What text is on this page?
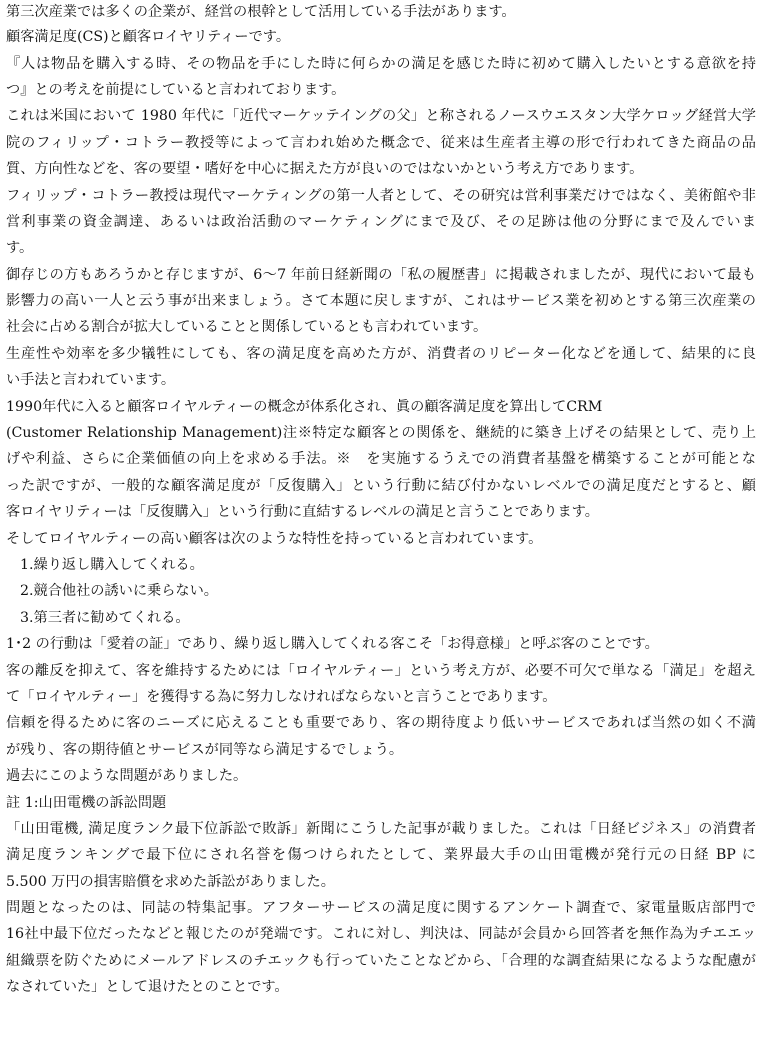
第三次産業では多くの企業が、経営の根幹として活用している手法があります。
顧客満足度(CS)と顧客ロイヤリティーです。
『人は物品を購入する時、その物品を手にした時に何らかの満足を感じた時に初めて購入したいとする意欲を持
つ』との考えを前提にしていると言われております。
これは米国において 1980 年代に「近代マーケッテイングの父」と称されるノースウエスタン大学ケロッグ経営大学
院のフィリップ・コトラー教授等によって言われ始めた概念で、従来は生産者主導の形で行われてきた商品の品
質、方向性などを、客の要望・嗜好を中心に据えた方が良いのではないかという考え方であります。
フィリップ・コトラー教授は現代マーケティングの第一人者として、その研究は営利事業だけではなく、美術館や非
営利事業の資金調達、あるいは政治活動のマーケティングにまで及び、その足跡は他の分野にまで及んでいま
す。
御存じの方もあろうかと存じますが、6～7 年前日経新聞の「私の履歴書」に掲載されましたが、現代において最も
影響力の高い一人と云う事が出来ましょう。さて本題に戻しますが、これはサービス業を初めとする第三次産業の
社会に占める割合が拡大していることと関係しているとも言われています。
生産性や効率を多少犠牲にしても、客の満足度を高めた方が、消費者のリピーター化などを通して、結果的に良
い手法と言われています。
1990年代に入ると顧客ロイヤルティーの概念が体系化され、眞の顧客満足度を算出してCRM
(Customer Relationship Management)注※特定な顧客との関係を、継続的に築き上げその結果として、売り上
げや利益、さらに企業価値の向上を求める手法。※　を実施するうえでの消費者基盤を構築することが可能とな
った訳ですが、一般的な顧客満足度が「反復購入」という行動に結び付かないレベルでの満足度だとすると、顧
客ロイヤリティーは「反復購入」という行動に直結するレベルの満足と言うことであります。
そしてロイヤルティーの高い顧客は次のような特性を持っていると言われています。
1.繰り返し購入してくれる。
2.競合他社の誘いに乗らない。
3.第三者に勧めてくれる。
1･2 の行動は「愛着の証」であり、繰り返し購入してくれる客こそ「お得意様」と呼ぶ客のことです。
客の離反を抑えて、客を維持するためには「ロイヤルティー」という考え方が、必要不可欠で単なる「満足」を超え
て「ロイヤルティー」を獲得する為に努力しなければならないと言うことであります。
信頼を得るために客のニーズに応えることも重要であり、客の期待度より低いサービスであれば当然の如く不満
が残り、客の期待値とサービスが同等なら満足するでしょう。
過去にこのような問題がありました。
註 1:山田電機の訴訟問題
「山田電機, 満足度ランク最下位訴訟で敗訴」新聞にこうした記事が載りました。これは「日経ビジネス」の消費者
満足度ランキングで最下位にされ名誉を傷つけられたとして、業界最大手の山田電機が発行元の日経 BP に
5.500 万円の損害賠償を求めた訴訟がありました。
問題となったのは、同誌の特集記事。アフターサービスの満足度に関するアンケート調査で、家電量販店部門で
16社中最下位だったなどと報じたのが発端です。これに対し、判決は、同誌が会員から回答者を無作為为チエエッ
組織票を防ぐためにメールアドレスのチエックも行っていたことなどから、「合理的な調査結果になるような配慮が
なされていた」として退けたとのことです。
